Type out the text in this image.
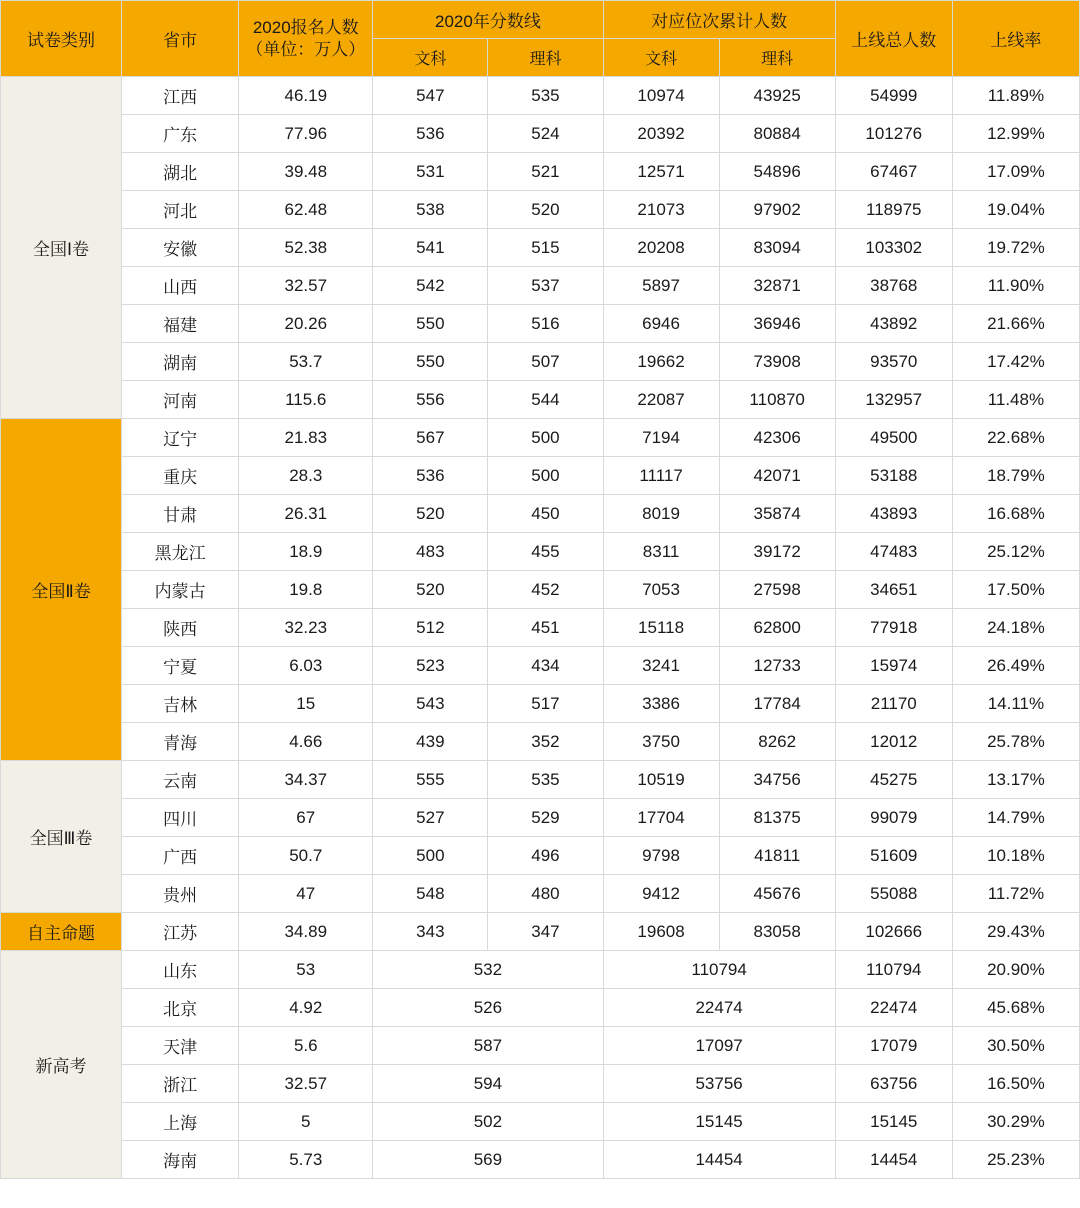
试卷类别	省市	2020报名人数
（单位：万人）	2020年分数线		对应位次累计人数		上线总人数	上线率
			文科	理科	文科	理科		
全国Ⅰ卷	江西	46.19	547	535	10974	43925	54999	11.89%
	广东	77.96	536	524	20392	80884	101276	12.99%
	湖北	39.48	531	521	12571	54896	67467	17.09%
	河北	62.48	538	520	21073	97902	118975	19.04%
	安徽	52.38	541	515	20208	83094	103302	19.72%
	山西	32.57	542	537	5897	32871	38768	11.90%
	福建	20.26	550	516	6946	36946	43892	21.66%
	湖南	53.7	550	507	19662	73908	93570	17.42%
	河南	115.6	556	544	22087	110870	132957	11.48%
全国Ⅱ卷	辽宁	21.83	567	500	7194	42306	49500	22.68%
	重庆	28.3	536	500	11117	42071	53188	18.79%
	甘肃	26.31	520	450	8019	35874	43893	16.68%
	黑龙江	18.9	483	455	8311	39172	47483	25.12%
	内蒙古	19.8	520	452	7053	27598	34651	17.50%
	陕西	32.23	512	451	15118	62800	77918	24.18%
	宁夏	6.03	523	434	3241	12733	15974	26.49%
	吉林	15	543	517	3386	17784	21170	14.11%
	青海	4.66	439	352	3750	8262	12012	25.78%
全国Ⅲ卷	云南	34.37	555	535	10519	34756	45275	13.17%
	四川	67	527	529	17704	81375	99079	14.79%
	广西	50.7	500	496	9798	41811	51609	10.18%
	贵州	47	548	480	9412	45676	55088	11.72%
自主命题	江苏	34.89	343	347	19608	83058	102666	29.43%
新高考	山东	53	532		110794		110794	20.90%
	北京	4.92	526		22474		22474	45.68%
	天津	5.6	587		17097		17079	30.50%
	浙江	32.57	594		53756		63756	16.50%
	上海	5	502		15145		15145	30.29%
	海南	5.73	569		14454		14454	25.23%
